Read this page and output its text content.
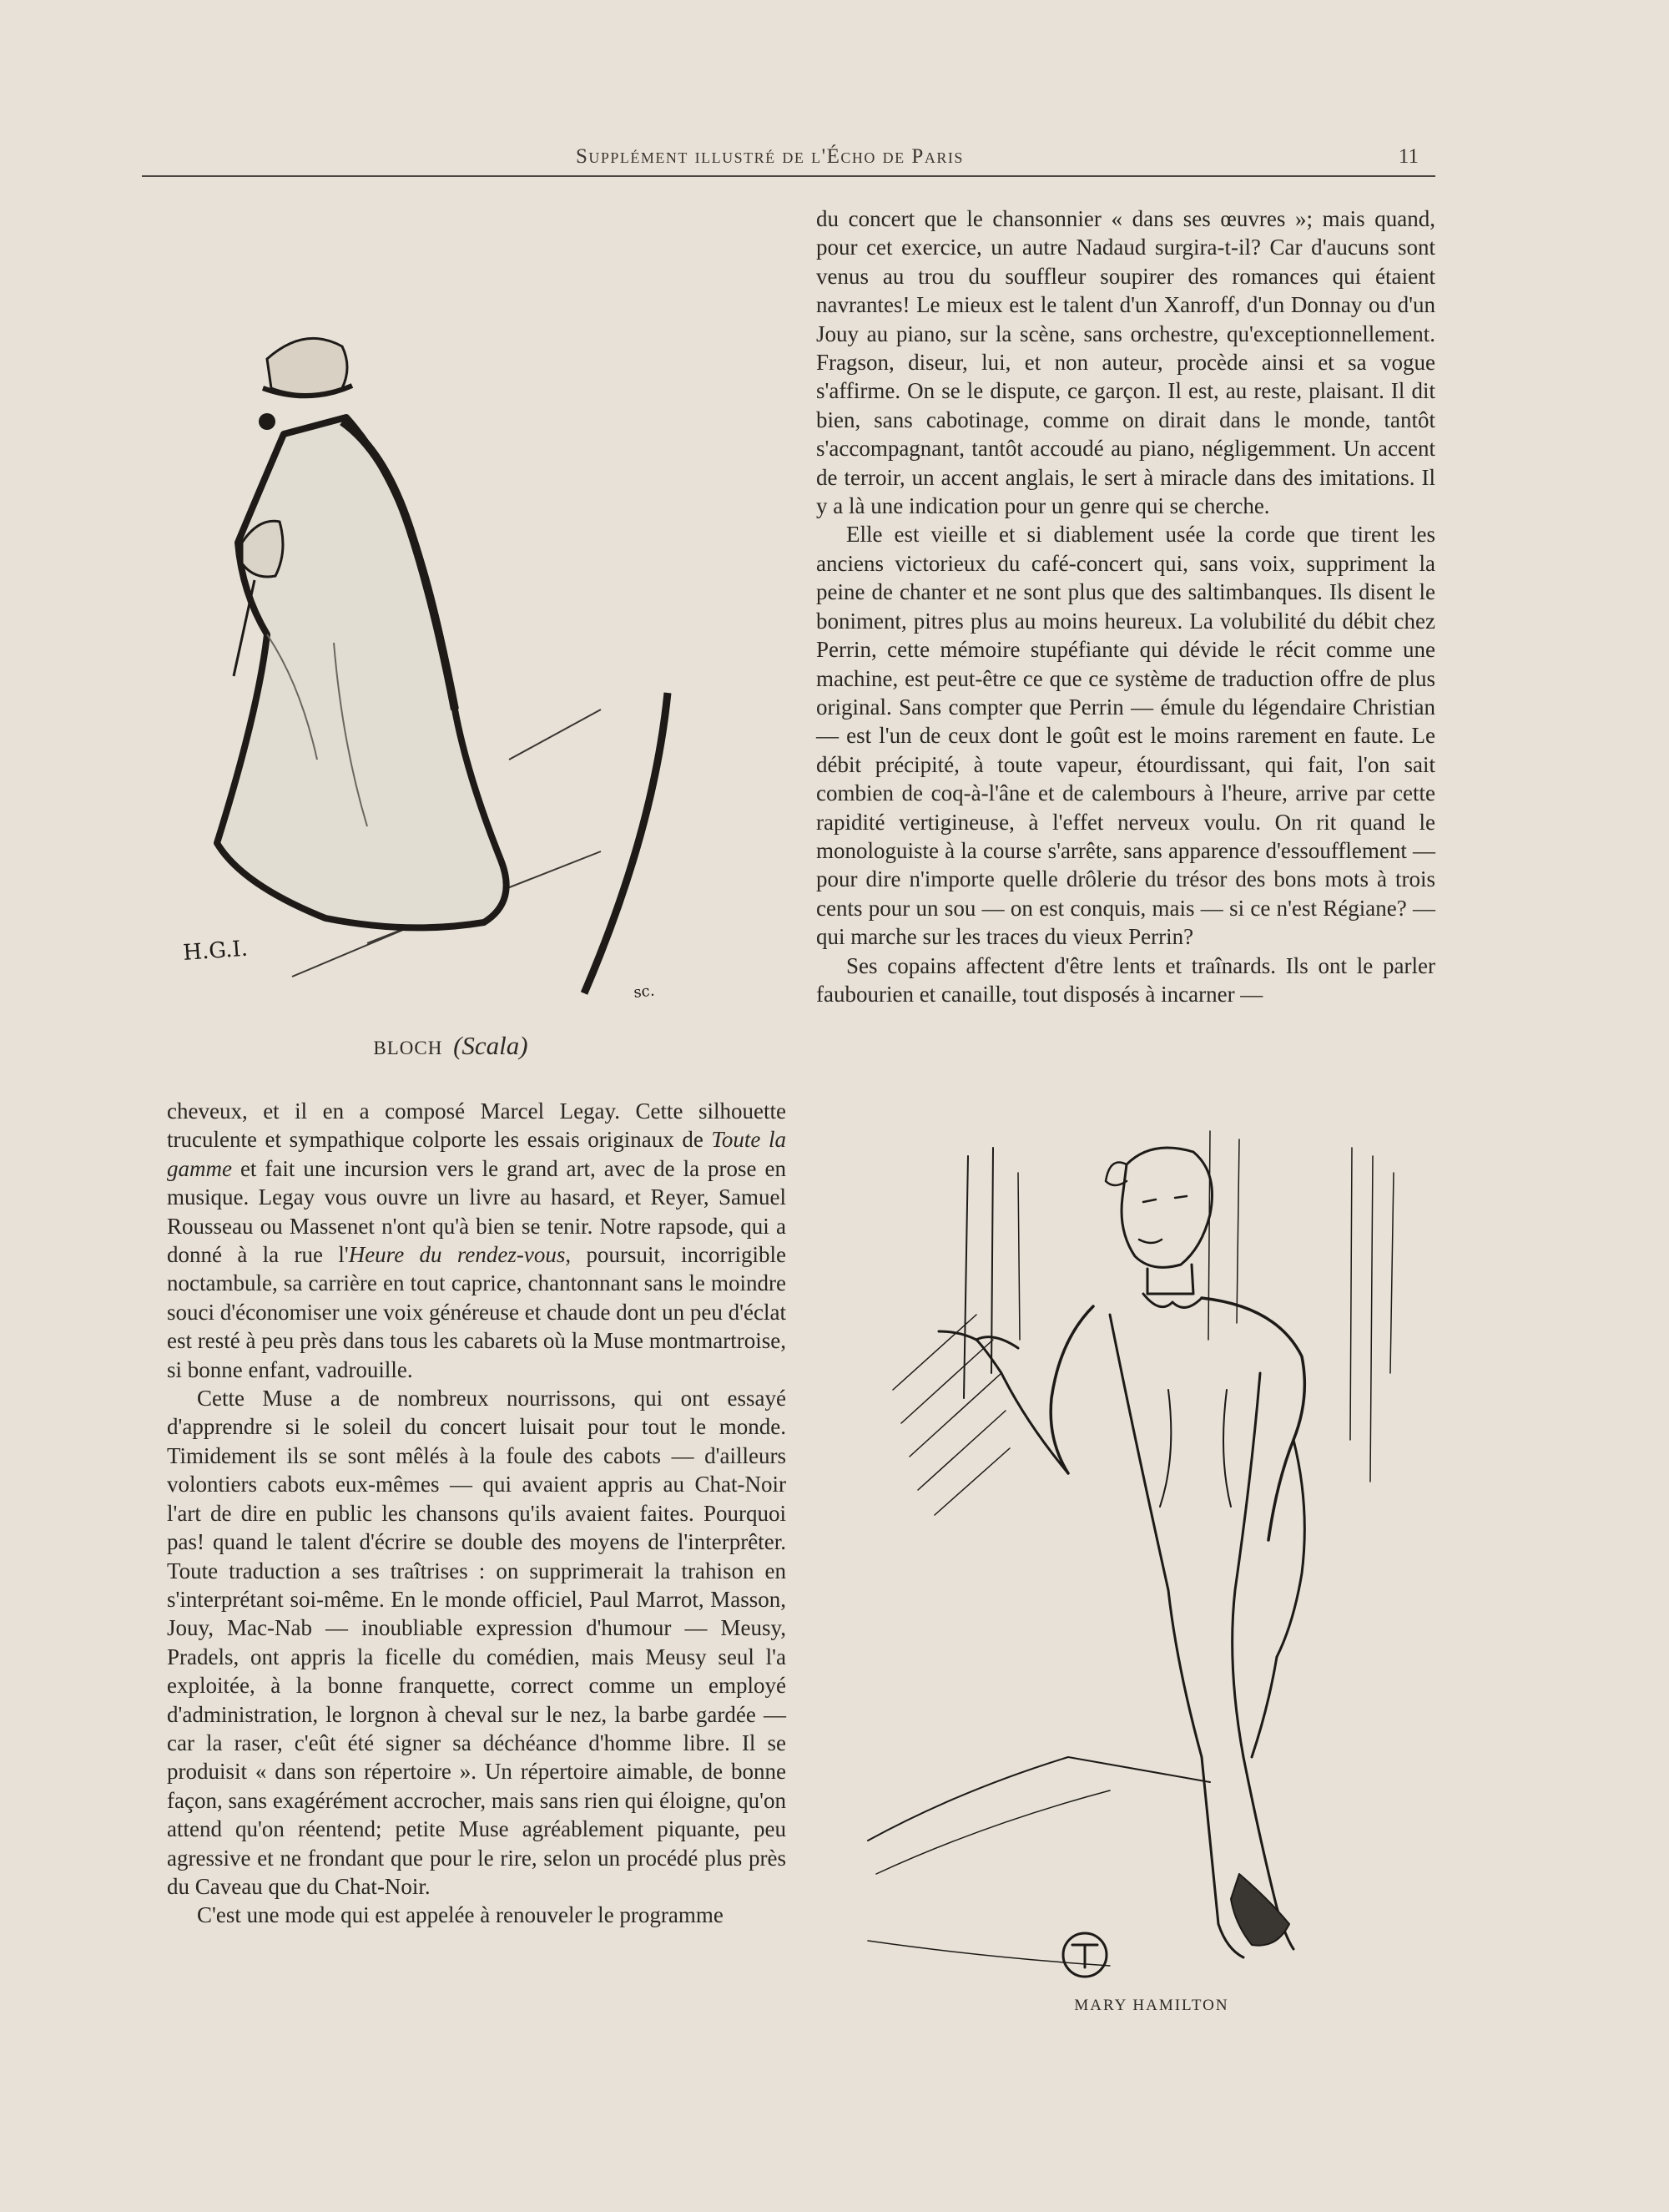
Supplément illustré de l'Écho de Paris	11
H.G.I.
sc.
BLOCH (Scala)

du concert que le chansonnier « dans ses œuvres »; mais quand, pour cet exercice, un autre Nadaud surgira-t-il? Car d'aucuns sont venus au trou du souffleur soupirer des romances qui étaient navrantes! Le mieux est le talent d'un Xanroff, d'un Donnay ou d'un Jouy au piano, sur la scène, sans orchestre, qu'exceptionnellement. Fragson, diseur, lui, et non auteur, procède ainsi et sa vogue s'affirme. On se le dispute, ce garçon. Il est, au reste, plaisant. Il dit bien, sans cabotinage, comme on dirait dans le monde, tantôt s'accompagnant, tantôt accoudé au piano, négligemment. Un accent de terroir, un accent anglais, le sert à miracle dans des imitations. Il y a là une indication pour un genre qui se cherche.

Elle est vieille et si diablement usée la corde que tirent les anciens victorieux du café-concert qui, sans voix, suppriment la peine de chanter et ne sont plus que des saltimbanques. Ils disent le boniment, pitres plus au moins heureux. La volubilité du débit chez Perrin, cette mémoire stupéfiante qui dévide le récit comme une machine, est peut-être ce que ce système de traduction offre de plus original. Sans compter que Perrin — émule du légendaire Christian — est l'un de ceux dont le goût est le moins rarement en faute. Le débit précipité, à toute vapeur, étourdissant, qui fait, l'on sait combien de coq-à-l'âne et de calembours à l'heure, arrive par cette rapidité vertigineuse, à l'effet nerveux voulu. On rit quand le monologuiste à la course s'arrête, sans apparence d'essoufflement — pour dire n'importe quelle drôlerie du trésor des bons mots à trois cents pour un sou — on est conquis, mais — si ce n'est Régiane? — qui marche sur les traces du vieux Perrin?

Ses copains affectent d'être lents et traînards. Ils ont le parler faubourien et canaille, tout disposés à incarner —

cheveux, et il en a composé Marcel Legay. Cette silhouette truculente et sympathique colporte les essais originaux de Toute la gamme et fait une incursion vers le grand art, avec de la prose en musique. Legay vous ouvre un livre au hasard, et Reyer, Samuel Rousseau ou Massenet n'ont qu'à bien se tenir. Notre rapsode, qui a donné à la rue l'Heure du rendez-vous, poursuit, incorrigible noctambule, sa carrière en tout caprice, chantonnant sans le moindre souci d'économiser une voix généreuse et chaude dont un peu d'éclat est resté à peu près dans tous les cabarets où la Muse montmartroise, si bonne enfant, vadrouille.

Cette Muse a de nombreux nourrissons, qui ont essayé d'apprendre si le soleil du concert luisait pour tout le monde. Timidement ils se sont mêlés à la foule des cabots — d'ailleurs volontiers cabots eux-mêmes — qui avaient appris au Chat-Noir l'art de dire en public les chansons qu'ils avaient faites. Pourquoi pas! quand le talent d'écrire se double des moyens de l'interprêter. Toute traduction a ses traîtrises : on supprimerait la trahison en s'interprétant soi-même. En le monde officiel, Paul Marrot, Masson, Jouy, Mac-Nab — inoubliable expression d'humour — Meusy, Pradels, ont appris la ficelle du comédien, mais Meusy seul l'a exploitée, à la bonne franquette, correct comme un employé d'administration, le lorgnon à cheval sur le nez, la barbe gardée — car la raser, c'eût été signer sa déchéance d'homme libre. Il se produisit « dans son répertoire ». Un répertoire aimable, de bonne façon, sans exagérément accrocher, mais sans rien qui éloigne, qu'on attend qu'on réentend; petite Muse agréablement piquante, peu agressive et ne frondant que pour le rire, selon un procédé plus près du Caveau que du Chat-Noir.

C'est une mode qui est appelée à renouveler le programme

MARY HAMILTON
